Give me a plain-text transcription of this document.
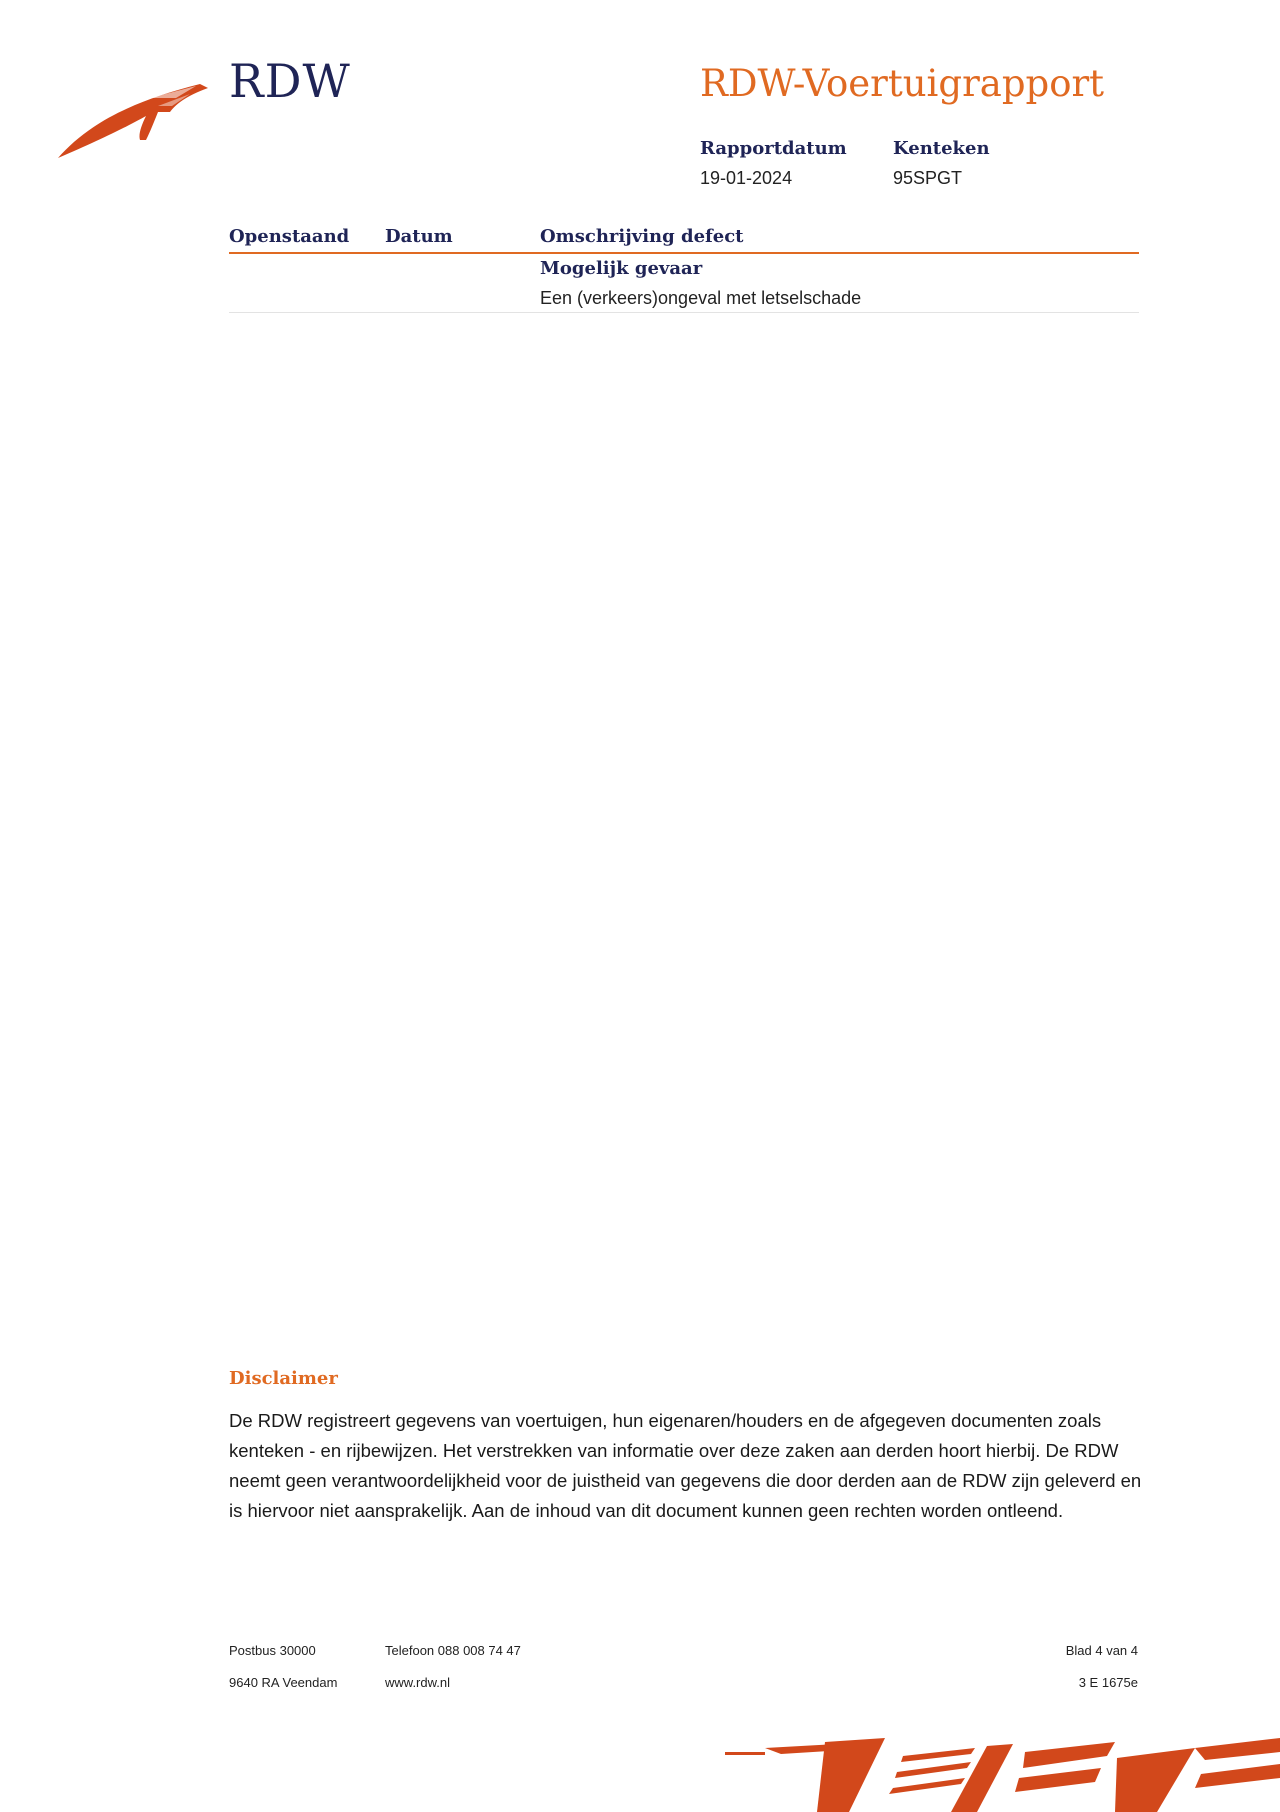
RDW	RDW-Voertuigrapport
Rapportdatum
19-01-2024
Kenteken
95SPGT
Openstaand Datum	Omschrijving defect
Mogelijk gevaar
Een (verkeers)ongeval met letselschade
Disclaimer
De RDW registreert gegevens van voertuigen, hun eigenaren/houders en de afgegeven documenten zoals kenteken - en rijbewijzen. Het verstrekken van informatie over deze zaken aan derden hoort hierbij. De RDW neemt geen verantwoordelijkheid voor de juistheid van gegevens die door derden aan de RDW zijn geleverd en is hiervoor niet aansprakelijk. Aan de inhoud van dit document kunnen geen rechten worden ontleend.
Postbus 30000
9640 RA Veendam
Telefoon 088 008 74 47
www.rdw.nl
Blad 4 van 4
3 E 1675e
